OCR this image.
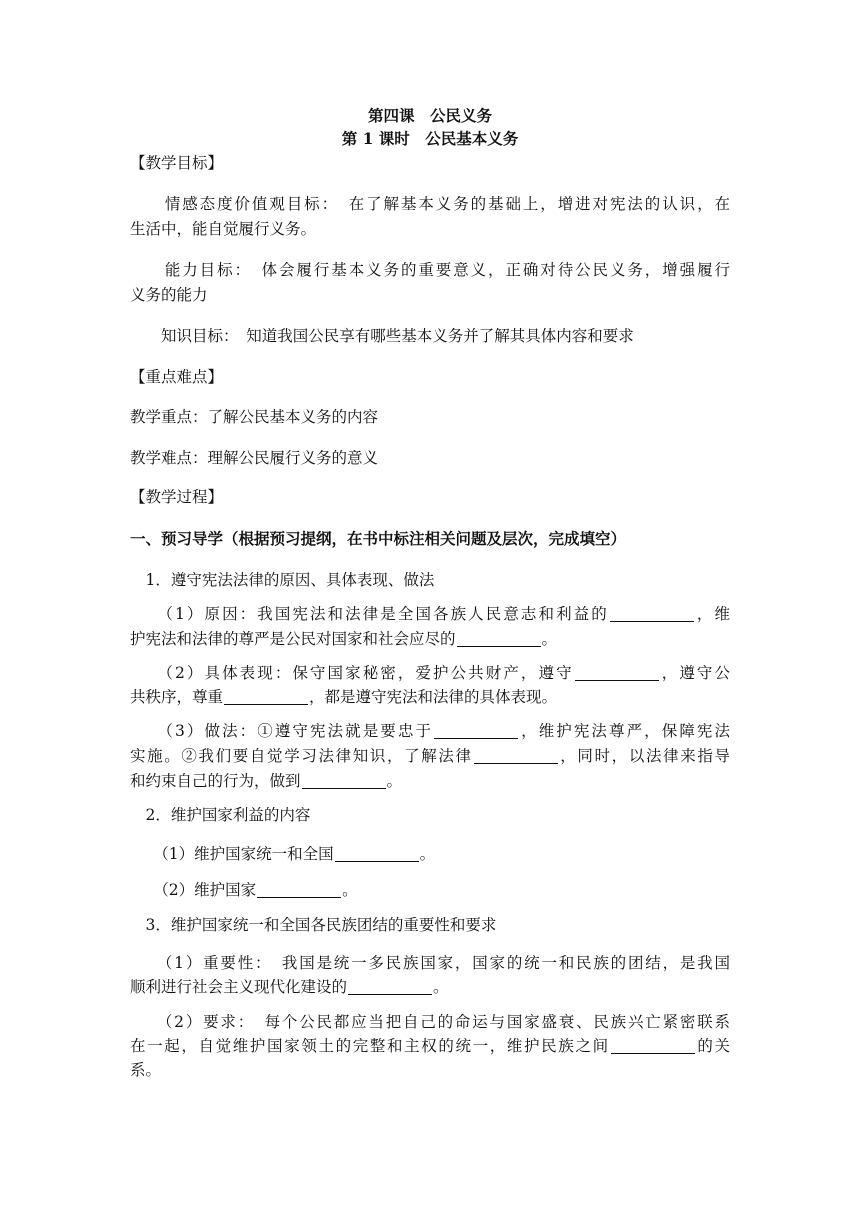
第四课　公民义务
第 1 课时　公民基本义务
【教学目标】
　　情感态度价值观目标：　在了解基本义务的基础上，增进对宪法的认识，在
生活中，能自觉履行义务。
　　能力目标：　体会履行基本义务的重要意义，正确对待公民义务，增强履行
义务的能力
　　知识目标：　知道我国公民享有哪些基本义务并了解其具体内容和要求
【重点难点】
教学重点：了解公民基本义务的内容
教学难点：理解公民履行义务的意义
【教学过程】
一、预习导学（根据预习提纲，在书中标注相关问题及层次，完成填空）
　1．遵守宪法法律的原因、具体表现、做法
　　（1）原因：我国宪法和法律是全国各族人民意志和利益的	，维
护宪法和法律的尊严是公民对国家和社会应尽的	。
　　（2）具体表现：保守国家秘密，爱护公共财产，遵守	，遵守公
共秩序，尊重	，都是遵守宪法和法律的具体表现。
　　（3）做法：①遵守宪法就是要忠于	，维护宪法尊严，保障宪法
实施。②我们要自觉学习法律知识，了解法律	，同时，以法律来指导
和约束自己的行为，做到	。
　2．维护国家利益的内容
　　（1）维护国家统一和全国	。
　　（2）维护国家	。
　3．维护国家统一和全国各民族团结的重要性和要求
　　（1）重要性：　我国是统一多民族国家，国家的统一和民族的团结，是我国
顺利进行社会主义现代化建设的	。
　　（2）要求：　每个公民都应当把自己的命运与国家盛衰、民族兴亡紧密联系
在一起，自觉维护国家领土的完整和主权的统一，维护民族之间	的关
系。
